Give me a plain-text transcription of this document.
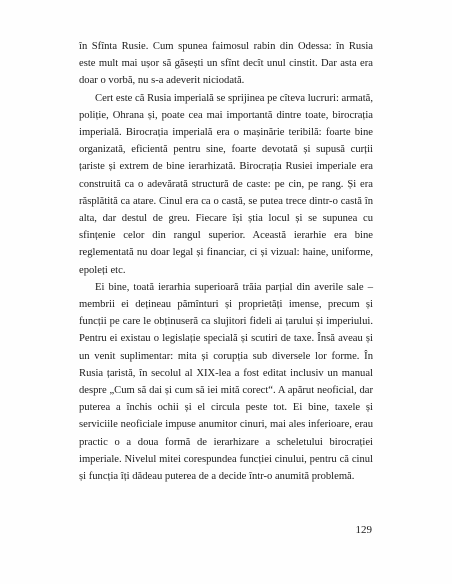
în Sfînta Rusie. Cum spunea faimosul rabin din Odessa: în Rusia este mult mai ușor să găsești un sfînt decît unul cinstit. Dar asta era doar o vorbă, nu s-a adeverit niciodată.

Cert este că Rusia imperială se sprijinea pe cîteva lucruri: armată, poliție, Ohrana și, poate cea mai importantă dintre toate, birocrația imperială. Birocrația imperială era o mașinărie teribilă: foarte bine organizată, eficientă pentru sine, foarte devotată și supusă curții țariste și extrem de bine ierarhizată. Birocrația Rusiei imperiale era construită ca o adevărată structură de caste: pe cin, pe rang. Și era răsplătită ca atare. Cinul era ca o castă, se putea trece dintr-o castă în alta, dar destul de greu. Fiecare își știa locul și se supunea cu sfințenie celor din rangul superior. Această ierarhie era bine reglementată nu doar legal și financiar, ci și vizual: haine, uniforme, epoleți etc.

Ei bine, toată ierarhia superioară trăia parțial din averile sale – membrii ei dețineau pămînturi și proprietăți imense, precum și funcții pe care le obținuseră ca slujitori fideli ai țarului și imperiului. Pentru ei existau o legislație specială și scutiri de taxe. Însă aveau și un venit suplimentar: mita și corupția sub diversele lor forme. În Rusia țaristă, în secolul al XIX-lea a fost editat inclusiv un manual despre „Cum să dai și cum să iei mită corect“. A apărut neoficial, dar puterea a închis ochii și el circula peste tot. Ei bine, taxele și serviciile neoficiale impuse anumitor cinuri, mai ales inferioare, erau practic o a doua formă de ierarhizare a scheletului birocrației imperiale. Nivelul mitei corespundea funcției cinului, pentru că cinul și funcția îți dădeau puterea de a decide într-o anumită problemă.

129
